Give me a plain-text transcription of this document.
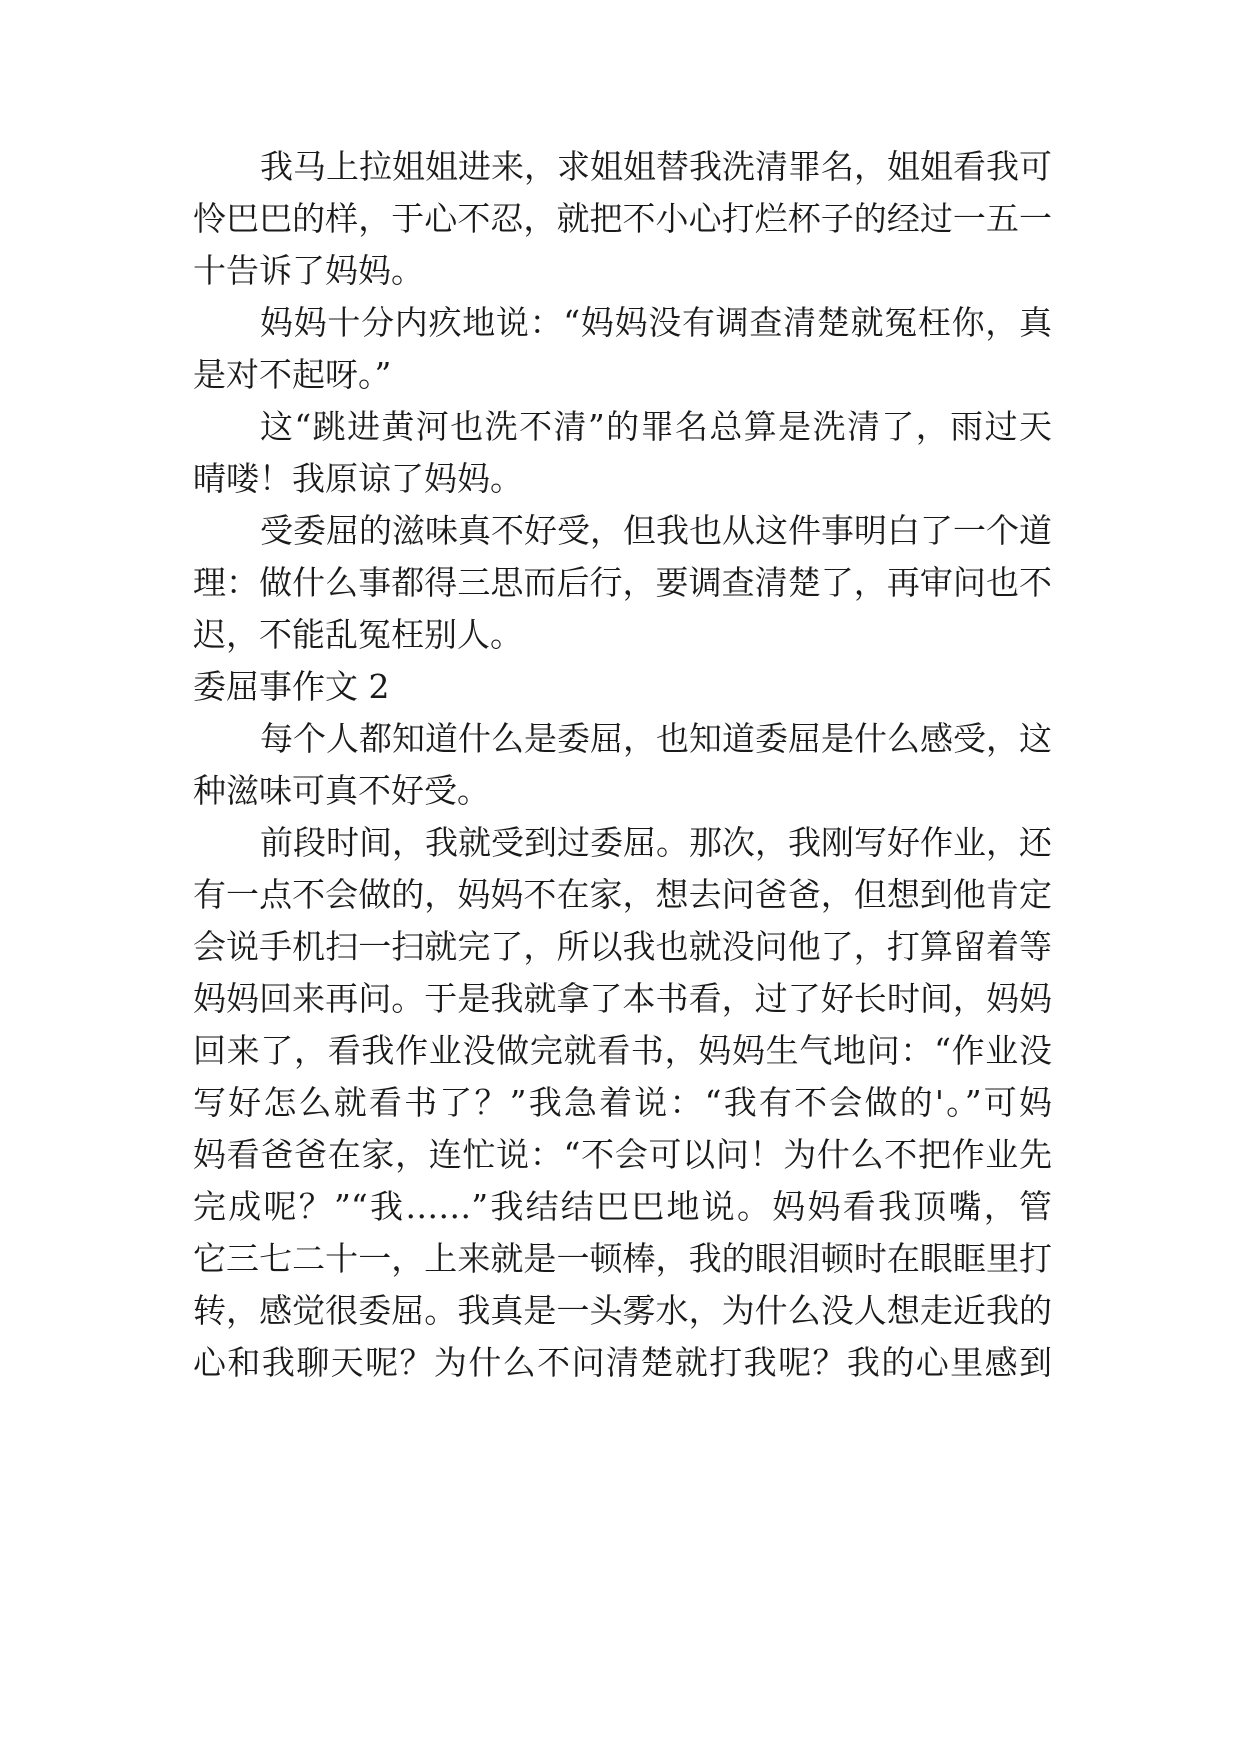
我马上拉姐姐进来，求姐姐替我洗清罪名，姐姐看我可

怜巴巴的样，于心不忍，就把不小心打烂杯子的经过一五一

十告诉了妈妈。

妈妈十分内疚地说：“妈妈没有调查清楚就冤枉你，真

是对不起呀。”

这“跳进黄河也洗不清”的罪名总算是洗清了，雨过天

晴喽！我原谅了妈妈。

受委屈的滋味真不好受，但我也从这件事明白了一个道

理：做什么事都得三思而后行，要调查清楚了，再审问也不

迟，不能乱冤枉别人。

委屈事作文 2

每个人都知道什么是委屈，也知道委屈是什么感受，这

种滋味可真不好受。

前段时间，我就受到过委屈。那次，我刚写好作业，还

有一点不会做的，妈妈不在家，想去问爸爸，但想到他肯定

会说手机扫一扫就完了，所以我也就没问他了，打算留着等

妈妈回来再问。于是我就拿了本书看，过了好长时间，妈妈

回来了，看我作业没做完就看书，妈妈生气地问：“作业没

写好怎么就看书了？”我急着说：“我有不会做的'。”可妈

妈看爸爸在家，连忙说：“不会可以问！为什么不把作业先

完成呢？”“我……”我结结巴巴地说。妈妈看我顶嘴，管

它三七二十一，上来就是一顿棒，我的眼泪顿时在眼眶里打

转，感觉很委屈。我真是一头雾水，为什么没人想走近我的

心和我聊天呢？为什么不问清楚就打我呢？我的心里感到
